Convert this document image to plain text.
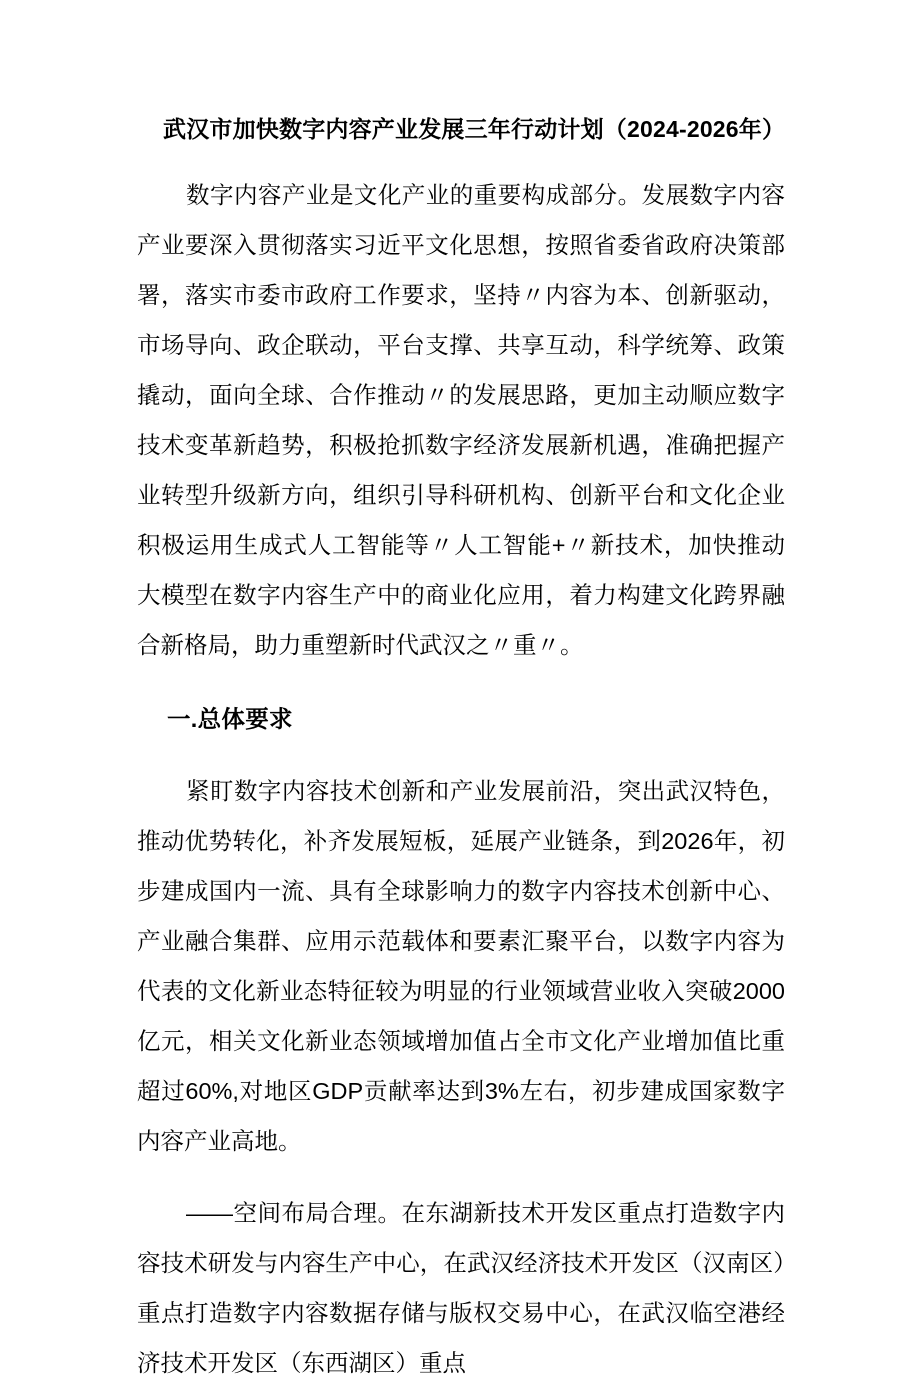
武汉市加快数字内容产业发展三年行动计划（2024-2026年）

数字内容产业是文化产业的重要构成部分。发展数字内容产业要深入贯彻落实习近平文化思想，按照省委省政府决策部署，落实市委市政府工作要求，坚持〃内容为本、创新驱动，市场导向、政企联动，平台支撑、共享互动，科学统筹、政策撬动，面向全球、合作推动〃的发展思路，更加主动顺应数字技术变革新趋势，积极抢抓数字经济发展新机遇，准确把握产业转型升级新方向，组织引导科研机构、创新平台和文化企业积极运用生成式人工智能等〃人工智能+〃新技术，加快推动大模型在数字内容生产中的商业化应用，着力构建文化跨界融合新格局，助力重塑新时代武汉之〃重〃。

一.总体要求

紧盯数字内容技术创新和产业发展前沿，突出武汉特色，推动优势转化，补齐发展短板，延展产业链条，到2026年，初步建成国内一流、具有全球影响力的数字内容技术创新中心、产业融合集群、应用示范载体和要素汇聚平台，以数字内容为代表的文化新业态特征较为明显的行业领域营业收入突破2000亿元，相关文化新业态领域增加值占全市文化产业增加值比重超过60%,对地区GDP贡献率达到3%左右，初步建成国家数字内容产业高地。

——空间布局合理。在东湖新技术开发区重点打造数字内容技术研发与内容生产中心，在武汉经济技术开发区（汉南区）重点打造数字内容数据存储与版权交易中心，在武汉临空港经济技术开发区（东西湖区）重点
